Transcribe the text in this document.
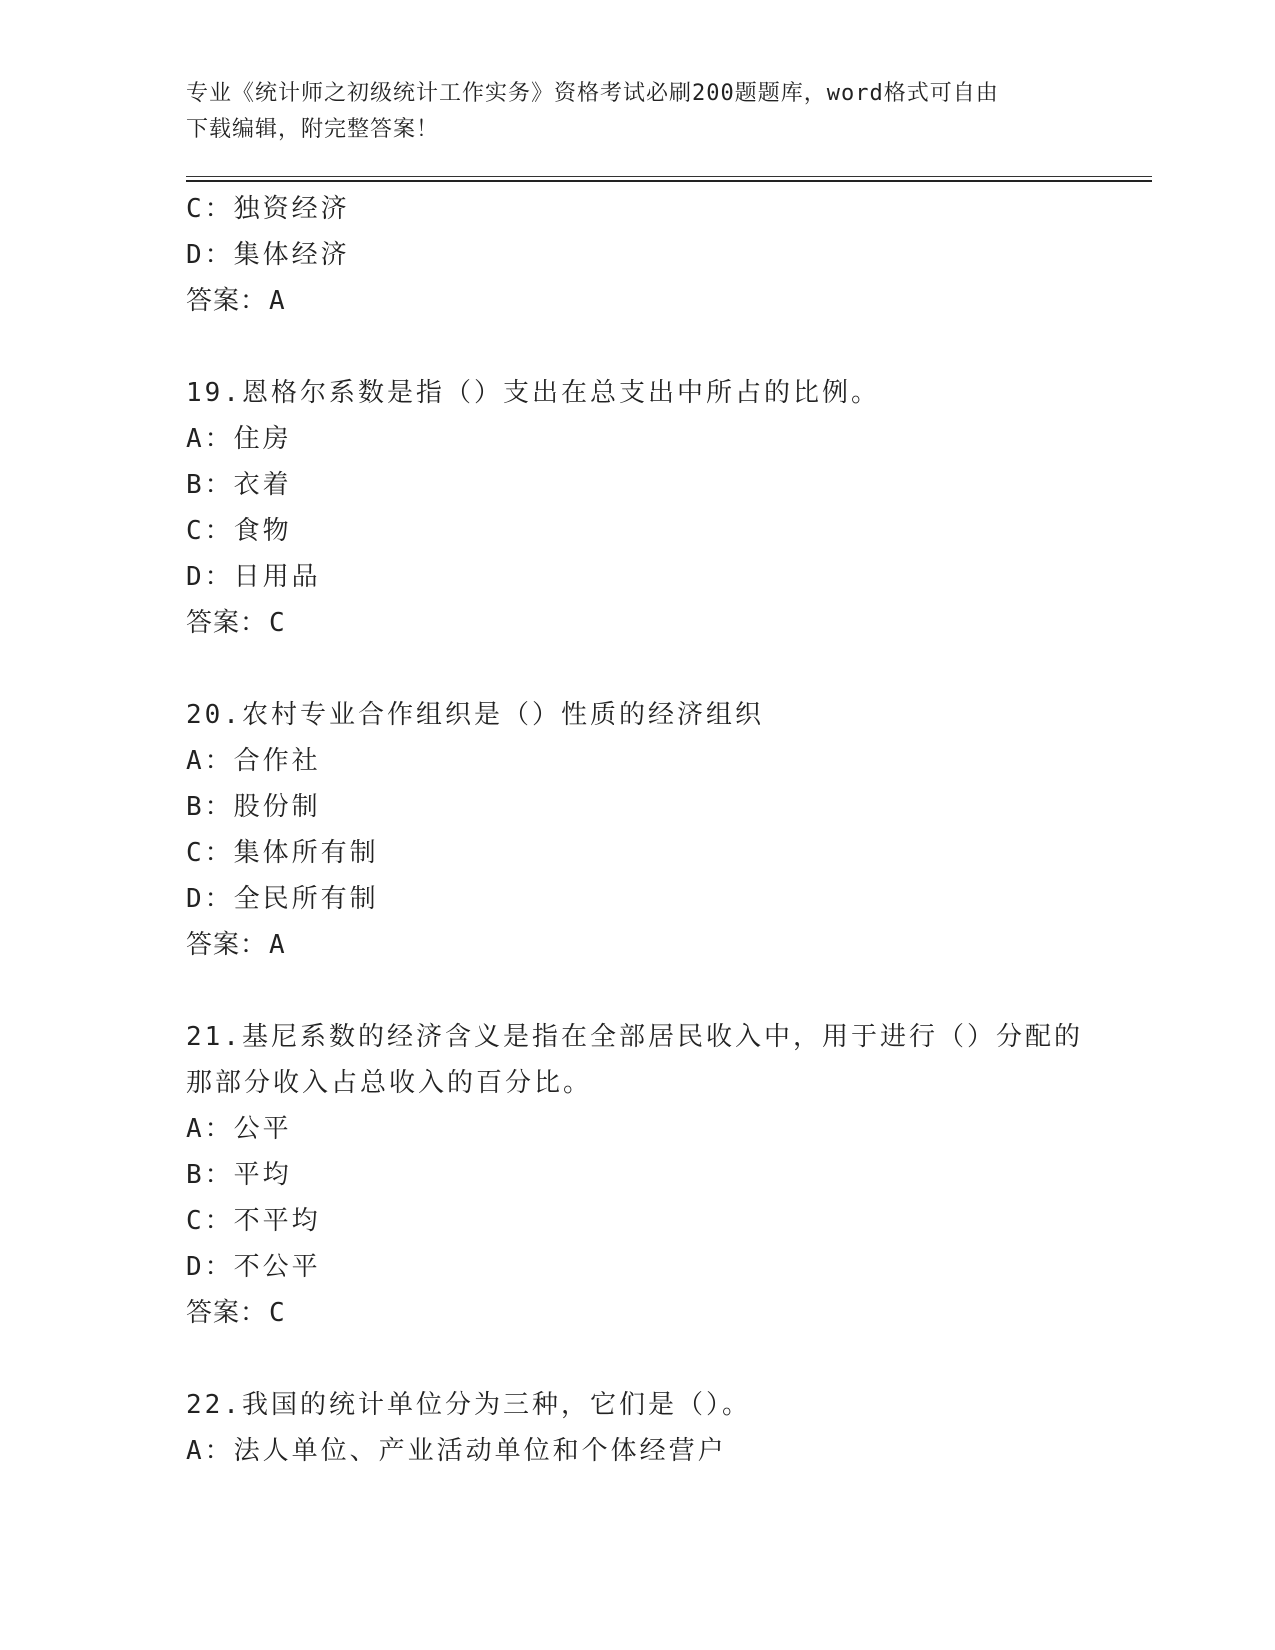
专业《统计师之初级统计工作实务》资格考试必刷200题题库，word格式可自由
下载编辑，附完整答案！
C：独资经济
D：集体经济
答案：A
19.恩格尔系数是指（）支出在总支出中所占的比例。
A：住房
B：衣着
C：食物
D：日用品
答案：C
20.农村专业合作组织是（）性质的经济组织
A：合作社
B：股份制
C：集体所有制
D：全民所有制
答案：A
21.基尼系数的经济含义是指在全部居民收入中，用于进行（）分配的
那部分收入占总收入的百分比。
A：公平
B：平均
C：不平均
D：不公平
答案：C
22.我国的统计单位分为三种，它们是（）。
A：法人单位、产业活动单位和个体经营户
